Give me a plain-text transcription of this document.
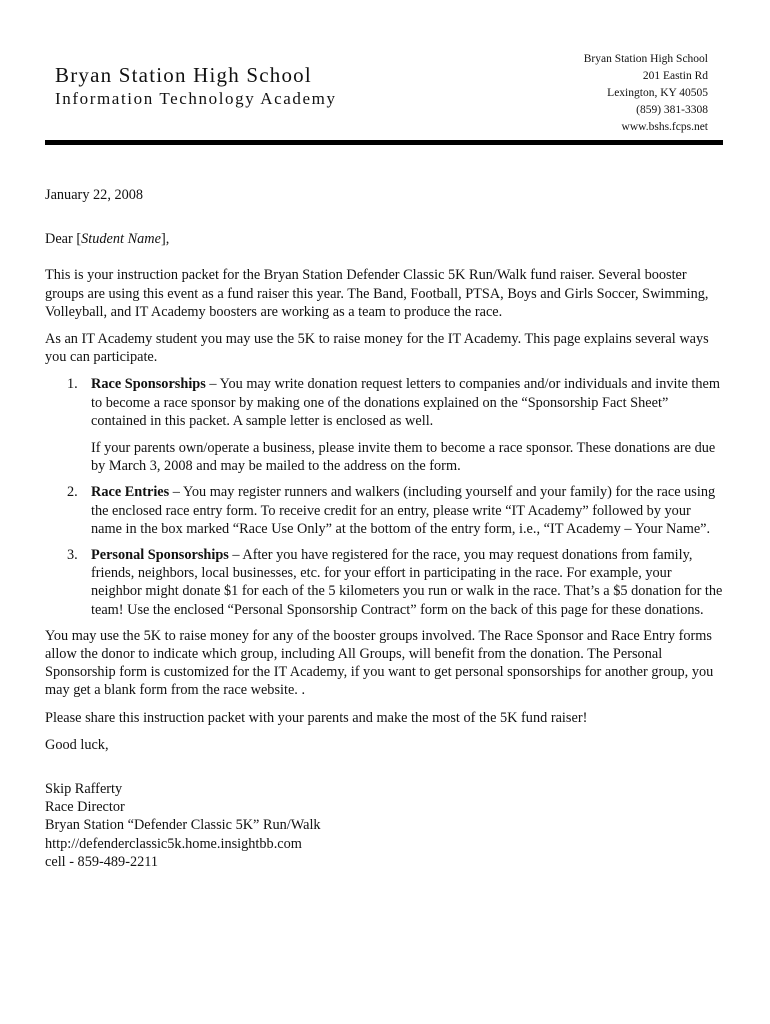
Bryan Station High School
Information Technology Academy
Bryan Station High School
201 Eastin Rd
Lexington, KY 40505
(859) 381-3308
www.bshs.fcps.net

January 22, 2008

Dear [Student Name],

This is your instruction packet for the Bryan Station Defender Classic 5K Run/Walk fund raiser. Several booster groups are using this event as a fund raiser this year. The Band, Football, PTSA, Boys and Girls Soccer, Swimming, Volleyball, and IT Academy boosters are working as a team to produce the race.

As an IT Academy student you may use the 5K to raise money for the IT Academy. This page explains several ways you can participate.

1. Race Sponsorships – You may write donation request letters to companies and/or individuals and invite them to become a race sponsor by making one of the donations explained on the “Sponsorship Fact Sheet” contained in this packet. A sample letter is enclosed as well.
If your parents own/operate a business, please invite them to become a race sponsor. These donations are due by March 3, 2008 and may be mailed to the address on the form.
2. Race Entries – You may register runners and walkers (including yourself and your family) for the race using the enclosed race entry form. To receive credit for an entry, please write “IT Academy” followed by your name in the box marked “Race Use Only” at the bottom of the entry form, i.e., “IT Academy – Your Name”.
3. Personal Sponsorships – After you have registered for the race, you may request donations from family, friends, neighbors, local businesses, etc. for your effort in participating in the race. For example, your neighbor might donate $1 for each of the 5 kilometers you run or walk in the race. That’s a $5 donation for the team! Use the enclosed “Personal Sponsorship Contract” form on the back of this page for these donations.

You may use the 5K to raise money for any of the booster groups involved. The Race Sponsor and Race Entry forms allow the donor to indicate which group, including All Groups, will benefit from the donation. The Personal Sponsorship form is customized for the IT Academy, if you want to get personal sponsorships for another group, you may get a blank form from the race website. .

Please share this instruction packet with your parents and make the most of the 5K fund raiser!

Good luck,

Skip Rafferty
Race Director
Bryan Station “Defender Classic 5K” Run/Walk
http://defenderclassic5k.home.insightbb.com
cell - 859-489-2211
